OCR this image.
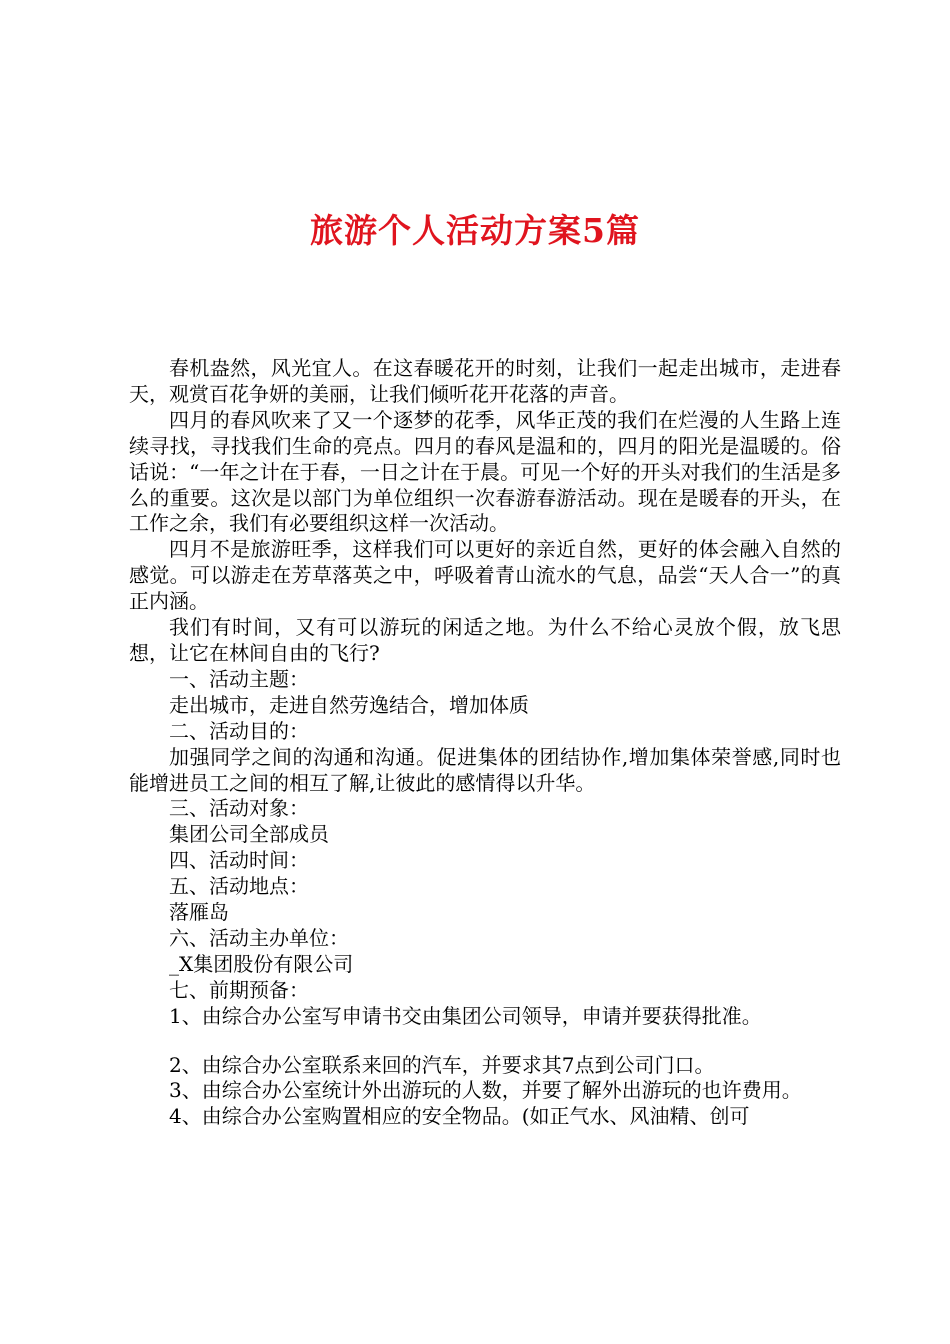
旅游个人活动方案5篇

春机盎然，风光宜人。在这春暖花开的时刻，让我们一起走出城市，走进春天，观赏百花争妍的美丽，让我们倾听花开花落的声音。

四月的春风吹来了又一个逐梦的花季，风华正茂的我们在烂漫的人生路上连续寻找，寻找我们生命的亮点。四月的春风是温和的，四月的阳光是温暖的。俗话说：“一年之计在于春，一日之计在于晨。可见一个好的开头对我们的生活是多么的重要。这次是以部门为单位组织一次春游春游活动。现在是暖春的开头，在工作之余，我们有必要组织这样一次活动。

四月不是旅游旺季，这样我们可以更好的亲近自然，更好的体会融入自然的感觉。可以游走在芳草落英之中，呼吸着青山流水的气息，品尝“天人合一”的真正内涵。

我们有时间，又有可以游玩的闲适之地。为什么不给心灵放个假，放飞思想，让它在林间自由的飞行?

一、活动主题：

走出城市，走进自然劳逸结合，增加体质

二、活动目的：

加强同学之间的沟通和沟通。促进集体的团结协作,增加集体荣誉感,同时也能增进员工之间的相互了解,让彼此的感情得以升华。

三、活动对象：

集团公司全部成员

四、活动时间：

五、活动地点：

落雁岛

六、活动主办单位：

_X集团股份有限公司

七、前期预备：

1、由综合办公室写申请书交由集团公司领导，申请并要获得批准。

2、由综合办公室联系来回的汽车，并要求其7点到公司门口。

3、由综合办公室统计外出游玩的人数，并要了解外出游玩的也许费用。

4、由综合办公室购置相应的安全物品。(如正气水、风油精、创可
